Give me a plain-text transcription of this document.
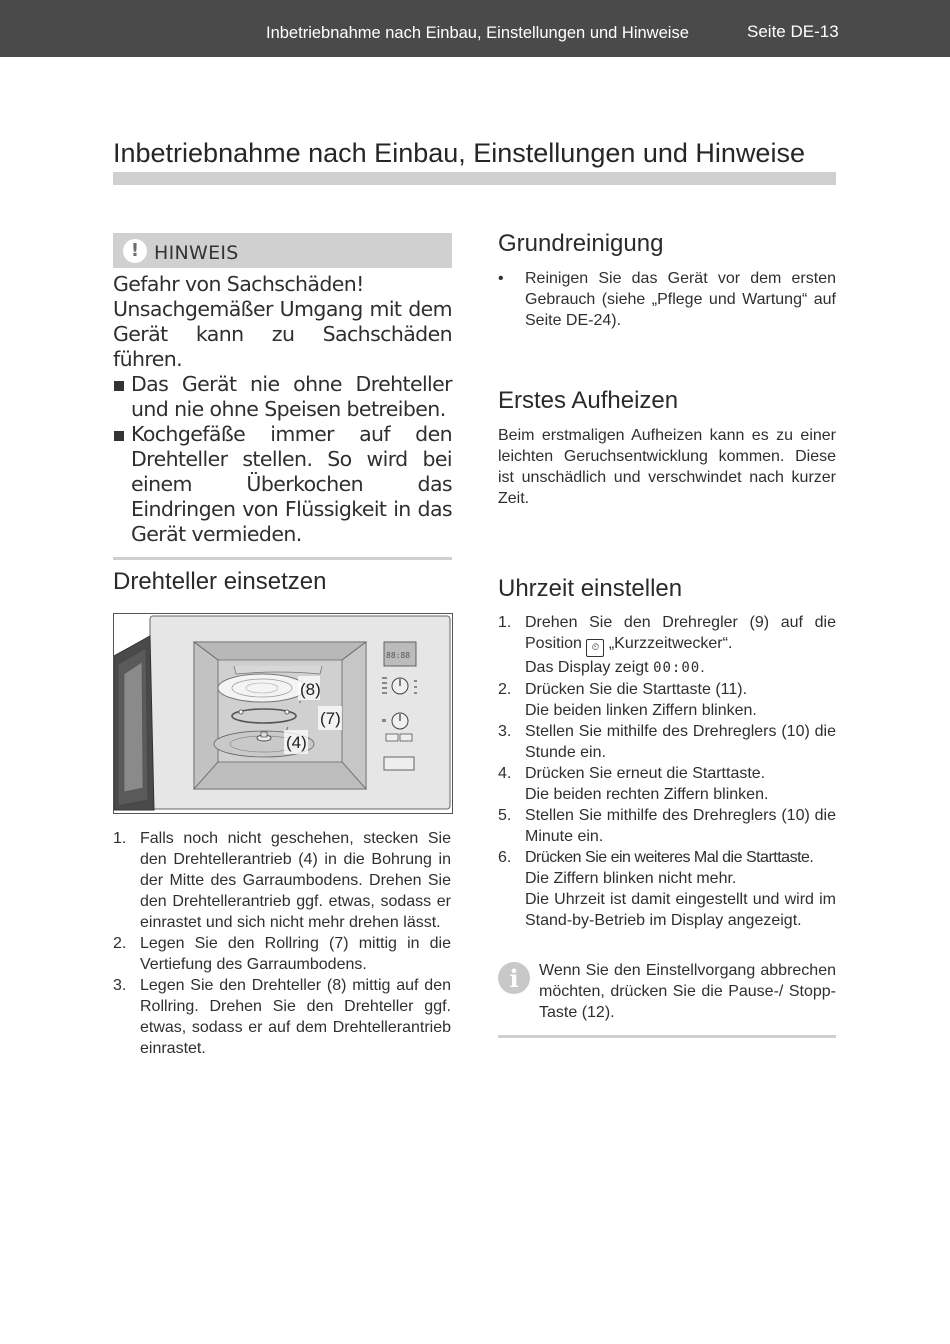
Inbetriebnahme nach Einbau, Einstellungen und Hinweise	Seite DE-13
Inbetriebnahme nach Einbau, Einstellungen und Hinweise
! HINWEIS

Gefahr von Sachschäden!

Unsachgemäßer Umgang mit dem Gerät kann zu Sachschäden führen.

Das Gerät nie ohne Drehteller und nie ohne Speisen betreiben.
Kochgefäße immer auf den Drehteller stellen. So wird bei einem Überkochen das Eindringen von Flüssigkeit in das Gerät vermieden.
Grundreinigung
• Reinigen Sie das Gerät vor dem ersten Gebrauch (siehe „Pflege und Wartung“ auf Seite DE-24).
Erstes Aufheizen

Beim erstmaligen Aufheizen kann es zu einer leichten Geruchsentwicklung kommen. Diese ist unschädlich und verschwindet nach kurzer Zeit.

Drehteller einsetzen
(8)
(7)
(4)
88:88
1. Falls noch nicht geschehen, stecken Sie den Drehtellerantrieb (4) in die Bohrung in der Mitte des Garraumbodens. Drehen Sie den Drehtellerantrieb ggf. etwas, sodass er einrastet und sich nicht mehr drehen lässt.
2. Legen Sie den Rollring (7) mittig in die Vertiefung des Garraumbodens.
3. Legen Sie den Drehteller (8) mittig auf den Rollring. Drehen Sie den Drehteller ggf. etwas, sodass er auf dem Drehtellerantrieb einrastet.
Uhrzeit einstellen
1. Drehen Sie den Drehregler (9) auf die Position ⏲ „Kurzzeitwecker“.
Das Display zeigt 00:00.
2. Drücken Sie die Starttaste (11).
Die beiden linken Ziffern blinken.
3. Stellen Sie mithilfe des Drehreglers (10) die Stunde ein.
4. Drücken Sie erneut die Starttaste.
Die beiden rechten Ziffern blinken.
5. Stellen Sie mithilfe des Drehreglers (10) die Minute ein.
6. Drücken Sie ein weiteres Mal die Starttaste.
Die Ziffern blinken nicht mehr.
Die Uhrzeit ist damit eingestellt und wird im Stand-by-Betrieb im Display angezeigt.
i	Wenn Sie den Einstellvorgang abbrechen möchten, drücken Sie die Pause-/ Stopp-Taste (12).
